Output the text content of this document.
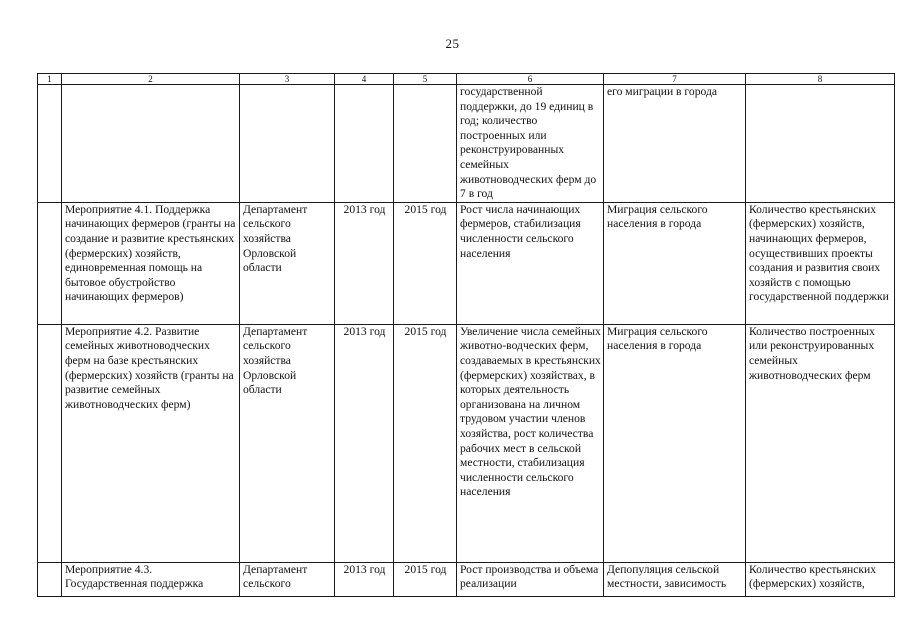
25
1	2	3	4	5	6	7	8
					государственной поддержки, до 19 единиц в год; количество построенных или реконструированных семейных животноводческих ферм до 7 в год	его миграции в города	
	Мероприятие 4.1. Поддержка начинающих фермеров (гранты на создание и развитие крестьянских (фермерских) хозяйств, единовременная помощь на бытовое обустройство начинающих фермеров)	Департамент сельского хозяйства Орловской области	2013 год	2015 год	Рост числа начинающих фермеров, стабилизация численности сельского населения	Миграция сельского населения в города	Количество крестьянских (фермерских) хозяйств, начинающих фермеров, осуществивших проекты создания и развития своих хозяйств с помощью государственной поддержки
	Мероприятие 4.2. Развитие семейных животноводческих ферм на базе крестьянских (фермерских) хозяйств (гранты на развитие семейных животноводческих ферм)	Департамент сельского хозяйства Орловской области	2013 год	2015 год	Увеличение числа семейных животно-водческих ферм, создаваемых в крестьянских (фермерских) хозяйствах, в которых деятельность организована на личном трудовом участии членов хозяйства, рост количества рабочих мест в сельской местности, стабилизация численности сельского населения	Миграция сельского населения в города	Количество построенных или реконструированных семейных животноводческих ферм
	Мероприятие 4.3. Государственная поддержка	Департамент сельского	2013 год	2015 год	Рост производства и объема реализации	Депопуляция сельской местности, зависимость	Количество крестьянских (фермерских) хозяйств,
